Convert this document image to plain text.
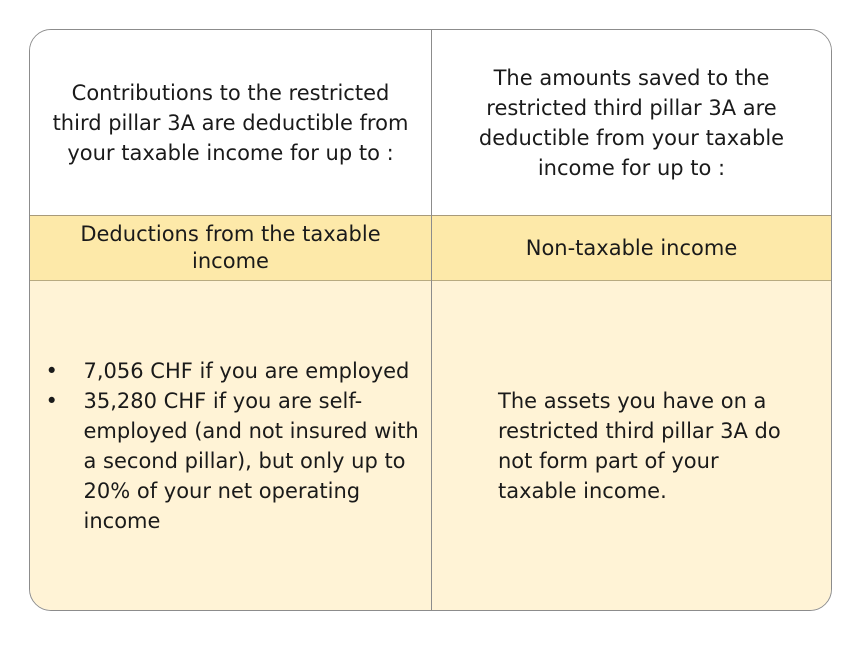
Contributions to the restricted third pillar 3A are deductible from your taxable income for up to :
The amounts saved to the restricted third pillar 3A are deductible from your taxable income for up to :
Deductions from the taxable income
Non-taxable income
• 7,056 CHF if you are employed
• 35,280 CHF if you are self-employed (and not insured with a second pillar), but only up to 20% of your net operating income
The assets you have on a restricted third pillar 3A do not form part of your taxable income.
